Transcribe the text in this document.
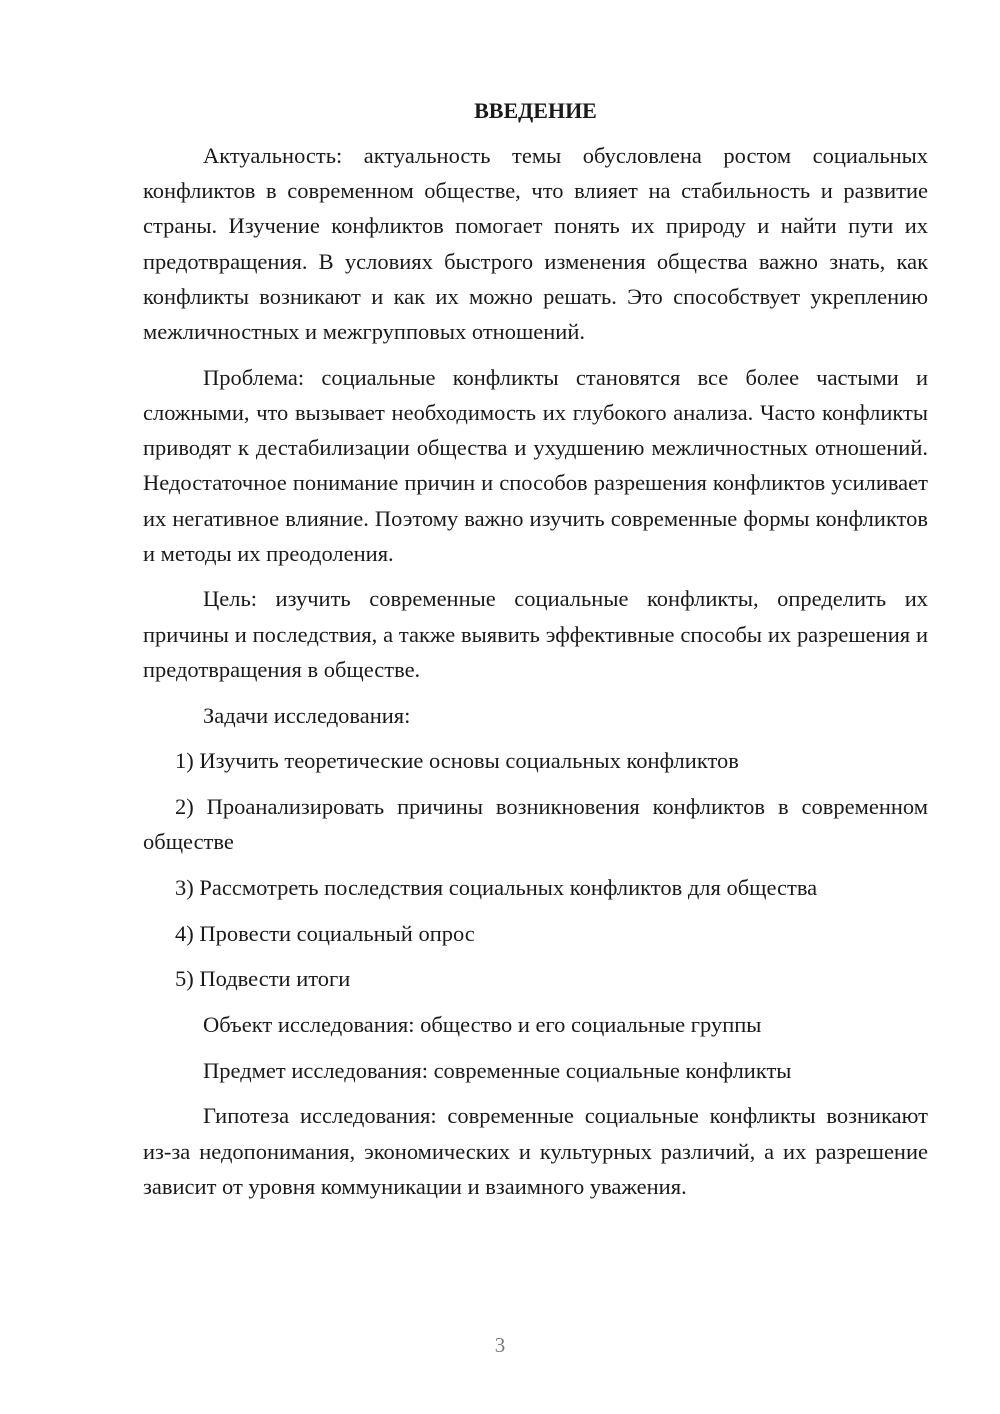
ВВЕДЕНИЕ

Актуальность: актуальность темы обусловлена ростом социальных конфликтов в современном обществе, что влияет на стабильность и развитие страны. Изучение конфликтов помогает понять их природу и найти пути их предотвращения. В условиях быстрого изменения общества важно знать, как конфликты возникают и как их можно решать. Это способствует укреплению межличностных и межгрупповых отношений.

Проблема: социальные конфликты становятся все более частыми и сложными, что вызывает необходимость их глубокого анализа. Часто конфликты приводят к дестабилизации общества и ухудшению межличностных отношений. Недостаточное понимание причин и способов разрешения конфликтов усиливает их негативное влияние. Поэтому важно изучить современные формы конфликтов и методы их преодоления.

Цель: изучить современные социальные конфликты, определить их причины и последствия, а также выявить эффективные способы их разрешения и предотвращения в обществе.

Задачи исследования:

1) Изучить теоретические основы социальных конфликтов

2) Проанализировать причины возникновения конфликтов в современном обществе

3) Рассмотреть последствия социальных конфликтов для общества

4) Провести социальный опрос

5) Подвести итоги

Объект исследования: общество и его социальные группы

Предмет исследования: современные социальные конфликты

Гипотеза исследования: современные социальные конфликты возникают из-за недопонимания, экономических и культурных различий, а их разрешение зависит от уровня коммуникации и взаимного уважения.

3
